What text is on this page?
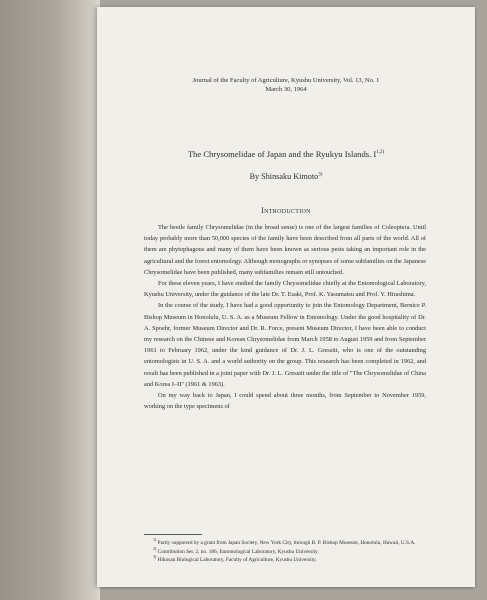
Journal of the Faculty of Agriculture, Kyushu University, Vol. 13, No. 1
March 30, 1964
The Chrysomelidae of Japan and the Ryukyu Islands. I$^{1,2)}$
By Shinsaku Kimoto$^{3)}$
Introduction

The beetle family Chrysomelidae (in the broad sense) is one of the largest families of Coleoptera. Until today probably more than 50,000 species of the family have been described from all parts of the world. All of them are phytophagous and many of them have been known as serious pests taking an important role in the agricultural and the forest entomology. Although monographs or synopses of some subfamilies on the Japanese Chrysomelidae have been published, many subfamilies remain still untouched.

For these eleven years, I have studied the family Chrysomelidae chiefly at the Entomological Laboratory, Kyushu University, under the guidance of the late Dr. T. Esaki, Prof. K. Yasumatsu and Prof. Y. Hirashima.

In the course of the study, I have had a good opportunity to join the Entomology Department, Bernice P. Bishop Museum in Honolulu, U. S. A. as a Museum Fellow in Entomology. Under the good hospitality of Dr. A. Spoehr, former Museum Director and Dr. R. Force, present Museum Director, I have been able to conduct my research on the Chinese and Korean Chrysomelidae from March 1958 to August 1959 and from September 1961 to February 1962, under the kind guidance of Dr. J. L. Gressitt, who is one of the outstanding entomologists in U. S. A. and a world authority on the group. This research has been completed in 1962, and result has been published in a joint paper with Dr. J. L. Gressitt under the title of "The Chrysomelidae of China and Korea I–II" (1961 & 1963).

On my way back to Japan, I could spend about three months, from September to November 1959, working on the type specimens of

$^{1)}$ Partly supported by a grant from Japan Society, New York City, through B. P. Bishop Museum, Honolulu, Hawaii, U.S.A.
$^{2)}$ Contribution Ser. 2, no. 186, Entomological Laboratory, Kyushu University.
$^{3)}$ Hikosan Biological Laboratory, Faculty of Agriculture, Kyushu University.
